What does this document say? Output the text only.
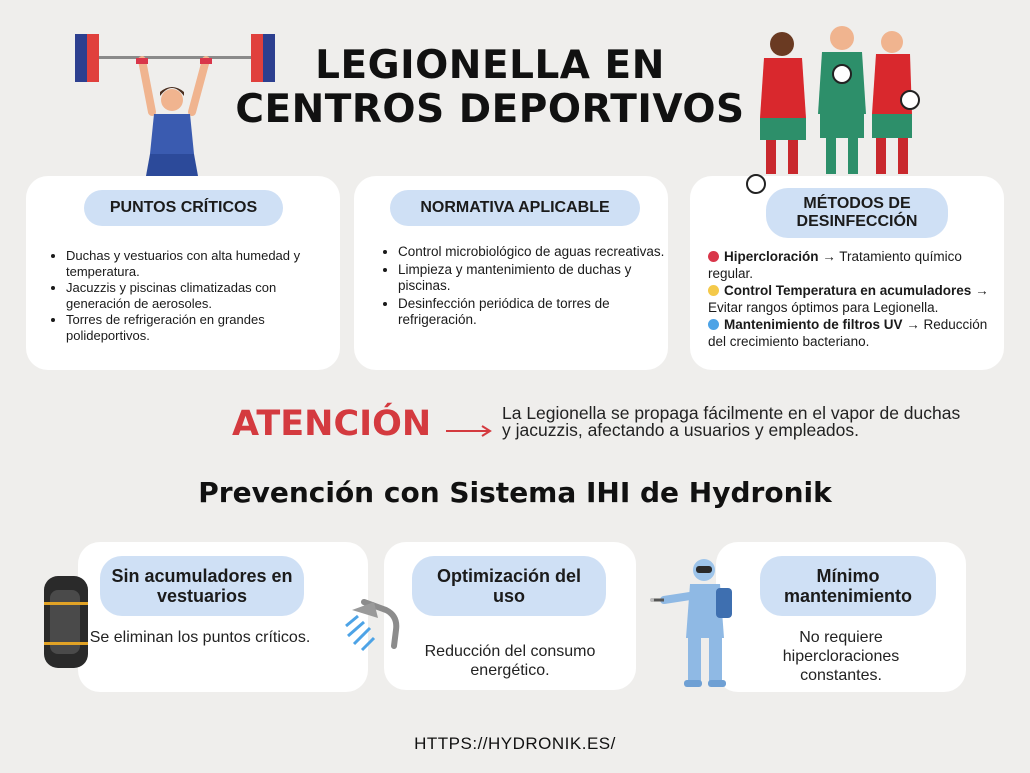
LEGIONELLA EN
CENTROS DEPORTIVOS
PUNTOS CRÍTICOS
• Duchas y vestuarios con alta humedad y temperatura.
• Jacuzzis y piscinas climatizadas con generación de aerosoles.
• Torres de refrigeración en grandes polideportivos.
NORMATIVA APLICABLE
• Control microbiológico de aguas recreativas.
• Limpieza y mantenimiento de duchas y piscinas.
• Desinfección periódica de torres de refrigeración.
MÉTODOS DE DESINFECCIÓN
Hipercloración → Tratamiento químico regular.
Control Temperatura en acumuladores → Evitar rangos óptimos para Legionella.
Mantenimiento de filtros UV → Reducción del crecimiento bacteriano.
ATENCIÓN	La Legionella se propaga fácilmente en el vapor de duchas y jacuzzis, afectando a usuarios y empleados.
Prevención con Sistema IHI de Hydronik
Sin acumuladores en vestuarios
Se eliminan los puntos críticos.
Optimización del uso
Reducción del consumo energético.
Mínimo mantenimiento
No requiere hipercloraciones constantes.
HTTPS://HYDRONIK.ES/
